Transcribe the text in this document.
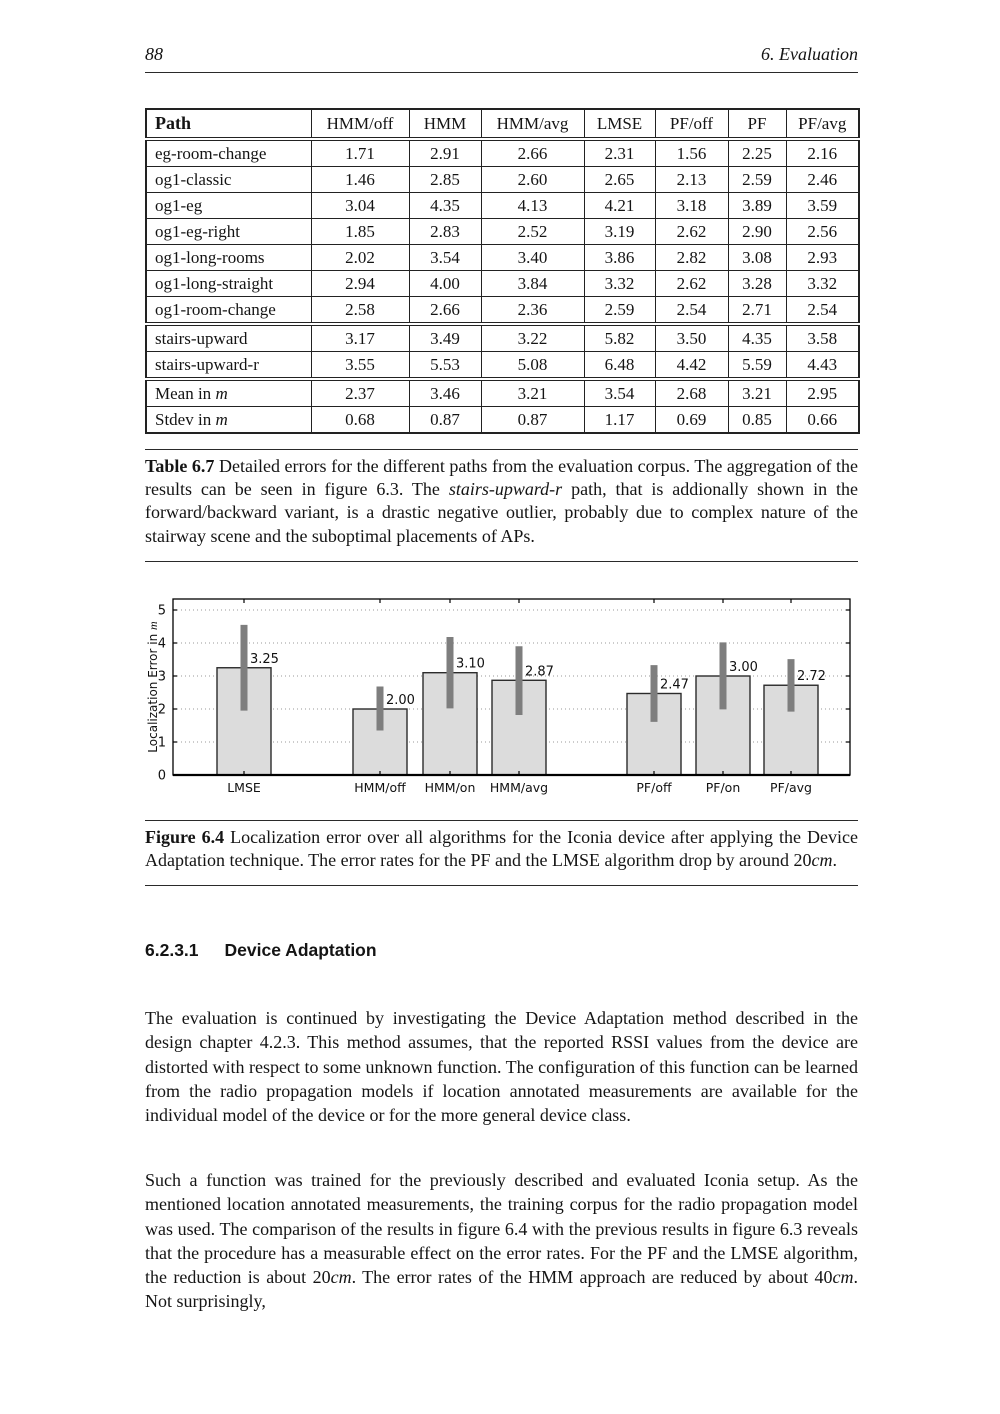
88	6. Evaluation
Path	HMM/off	HMM	HMM/avg	LMSE	PF/off	PF	PF/avg
eg-room-change	1.71	2.91	2.66	2.31	1.56	2.25	2.16
og1-classic	1.46	2.85	2.60	2.65	2.13	2.59	2.46
og1-eg	3.04	4.35	4.13	4.21	3.18	3.89	3.59
og1-eg-right	1.85	2.83	2.52	3.19	2.62	2.90	2.56
og1-long-rooms	2.02	3.54	3.40	3.86	2.82	3.08	2.93
og1-long-straight	2.94	4.00	3.84	3.32	2.62	3.28	3.32
og1-room-change	2.58	2.66	2.36	2.59	2.54	2.71	2.54
stairs-upward	3.17	3.49	3.22	5.82	3.50	4.35	3.58
stairs-upward-r	3.55	5.53	5.08	6.48	4.42	5.59	4.43
Mean in m	2.37	3.46	3.21	3.54	2.68	3.21	2.95
Stdev in m	0.68	0.87	0.87	1.17	0.69	0.85	0.66
Table 6.7 Detailed errors for the different paths from the evaluation corpus. The aggregation of the results can be seen in figure 6.3. The stairs-upward-r path, that is addionally shown in the forward/backward variant, is a drastic negative outlier, probably due to complex nature of the stairway scene and the suboptimal placements of APs.
3.25
LMSE
2.00
HMM/off
3.10
HMM/on
2.87
HMM/avg
2.47
PF/off
3.00
PF/on
2.72
PF/avg
0
1
2
3
4
5
Localization Error in m
Figure 6.4 Localization error over all algorithms for the Iconia device after applying the Device Adaptation technique. The error rates for the PF and the LMSE algorithm drop by around 20cm.
6.2.3.1 Device Adaptation

The evaluation is continued by investigating the Device Adaptation method described in the design chapter 4.2.3. This method assumes, that the reported RSSI values from the device are distorted with respect to some unknown function. The configuration of this function can be learned from the radio propagation models if location annotated measurements are available for the individual model of the device or for the more general device class.

Such a function was trained for the previously described and evaluated Iconia setup. As the mentioned location annotated measurements, the training corpus for the radio propagation model was used. The comparison of the results in figure 6.4 with the previous results in figure 6.3 reveals that the procedure has a measurable effect on the error rates. For the PF and the LMSE algorithm, the reduction is about 20cm. The error rates of the HMM approach are reduced by about 40cm. Not surprisingly,
